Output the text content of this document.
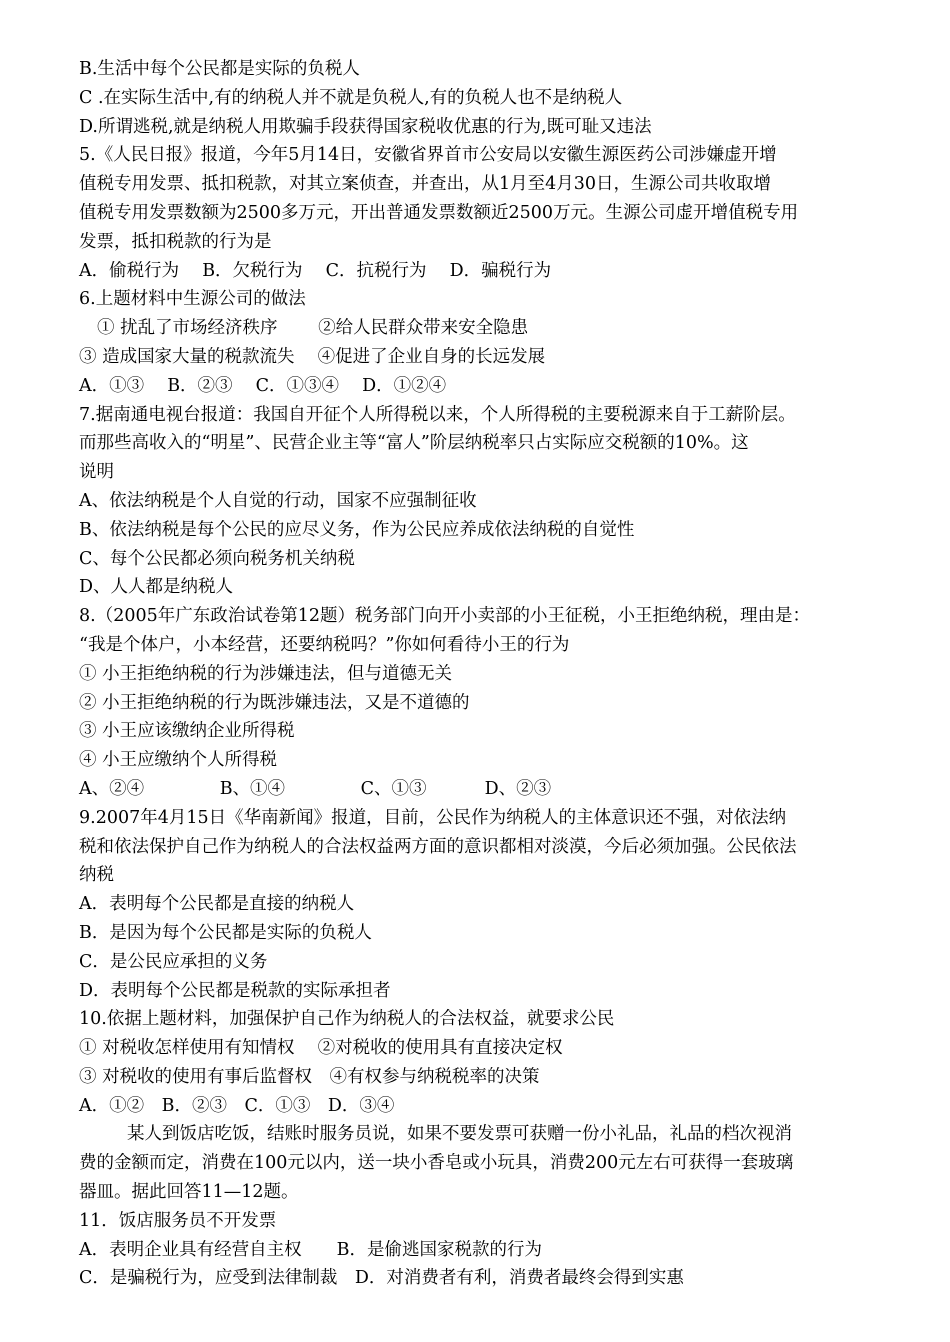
B.生活中每个公民都是实际的负税人
C .在实际生活中,有的纳税人并不就是负税人,有的负税人也不是纳税人
D.所谓逃税,就是纳税人用欺骗手段获得国家税收优惠的行为,既可耻又违法
5.《人民日报》报道，今年5月14日，安徽省界首市公安局以安徽生源医药公司涉嫌虚开增
值税专用发票、抵扣税款，对其立案侦查，并查出，从1月至4月30日，生源公司共收取增
值税专用发票数额为2500多万元，开出普通发票数额近2500万元。生源公司虚开增值税专用
发票，抵扣税款的行为是
A．偷税行为　 B．欠税行为　 C．抗税行为　 D．骗税行为
6.上题材料中生源公司的做法
① 扰乱了市场经济秩序　　 ②给人民群众带来安全隐患
③ 造成国家大量的税款流失　 ④促进了企业自身的长远发展
A．①③　 B．②③　 C．①③④　 D．①②④
7.据南通电视台报道：我国自开征个人所得税以来，个人所得税的主要税源来自于工薪阶层。
而那些高收入的“明星”、民营企业主等“富人”阶层纳税率只占实际应交税额的10%。这
说明
A、依法纳税是个人自觉的行动，国家不应强制征收
B、依法纳税是每个公民的应尽义务，作为公民应养成依法纳税的自觉性
C、每个公民都必须向税务机关纳税
D、人人都是纳税人
8.（2005年广东政治试卷第12题）税务部门向开小卖部的小王征税，小王拒绝纳税，理由是：
“我是个体户，小本经营，还要纳税吗？”你如何看待小王的行为
① 小王拒绝纳税的行为涉嫌违法，但与道德无关
② 小王拒绝纳税的行为既涉嫌违法，又是不道德的
③ 小王应该缴纳企业所得税
④ 小王应缴纳个人所得税
A、②④　　　　 B、①④　　　　 C、①③　　　 D、②③
9.2007年4月15日《华南新闻》报道，目前，公民作为纳税人的主体意识还不强，对依法纳
税和依法保护自己作为纳税人的合法权益两方面的意识都相对淡漠，今后必须加强。公民依法
纳税
A．表明每个公民都是直接的纳税人
B．是因为每个公民都是实际的负税人
C．是公民应承担的义务
D．表明每个公民都是税款的实际承担者
10.依据上题材料，加强保护自己作为纳税人的合法权益，就要求公民
① 对税收怎样使用有知情权　 ②对税收的使用具有直接决定权
③ 对税收的使用有事后监督权　④有权参与纳税税率的决策
A．①②　B．②③　C．①③　D．③④
某人到饭店吃饭，结账时服务员说，如果不要发票可获赠一份小礼品，礼品的档次视消
费的金额而定，消费在100元以内，送一块小香皂或小玩具，消费200元左右可获得一套玻璃
器皿。据此回答11—12题。
11．饭店服务员不开发票
A．表明企业具有经营自主权　　B．是偷逃国家税款的行为
C．是骗税行为，应受到法律制裁　D．对消费者有利，消费者最终会得到实惠
